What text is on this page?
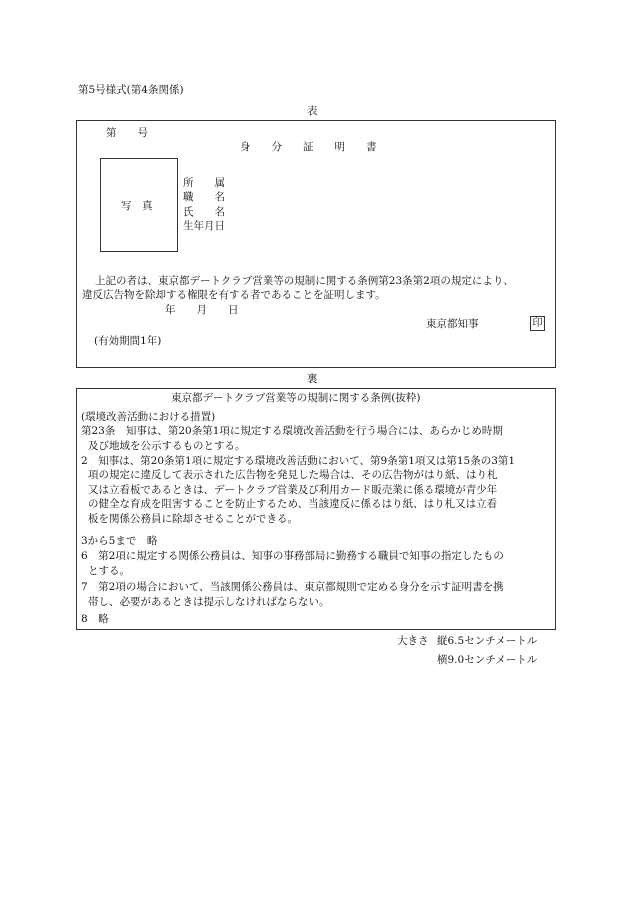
第5号様式(第4条関係)
表
第　　号
身　　分　　証　　明　　書
写　真
所　　属
職　　名
氏　　名
生年月日
上記の者は、東京都デートクラブ営業等の規制に関する条例第23条第2項の規定により、
違反広告物を除却する権限を有する者であることを証明します。
年　　月　　日
東京都知事	印
(有効期間1年)
裏
東京都デートクラブ営業等の規制に関する条例(抜粋)
(環境改善活動における措置)
第23条　知事は、第20条第1項に規定する環境改善活動を行う場合には、あらかじめ時期
及び地域を公示するものとする。
2　知事は、第20条第1項に規定する環境改善活動において、第9条第1項又は第15条の3第1
項の規定に違反して表示された広告物を発見した場合は、その広告物がはり紙、はり札
又は立看板であるときは、デートクラブ営業及び利用カード販売業に係る環境が青少年
の健全な育成を阻害することを防止するため、当該違反に係るはり紙、はり札又は立看
板を関係公務員に除却させることができる。
3から5まで　略
6　第2項に規定する関係公務員は、知事の事務部局に勤務する職員で知事の指定したもの
とする。
7　第2項の場合において、当該関係公務員は、東京都規則で定める身分を示す証明書を携
帯し、必要があるときは提示しなければならない。
8　略
大きさ 縦6.5センチメートル
横9.0センチメートル
